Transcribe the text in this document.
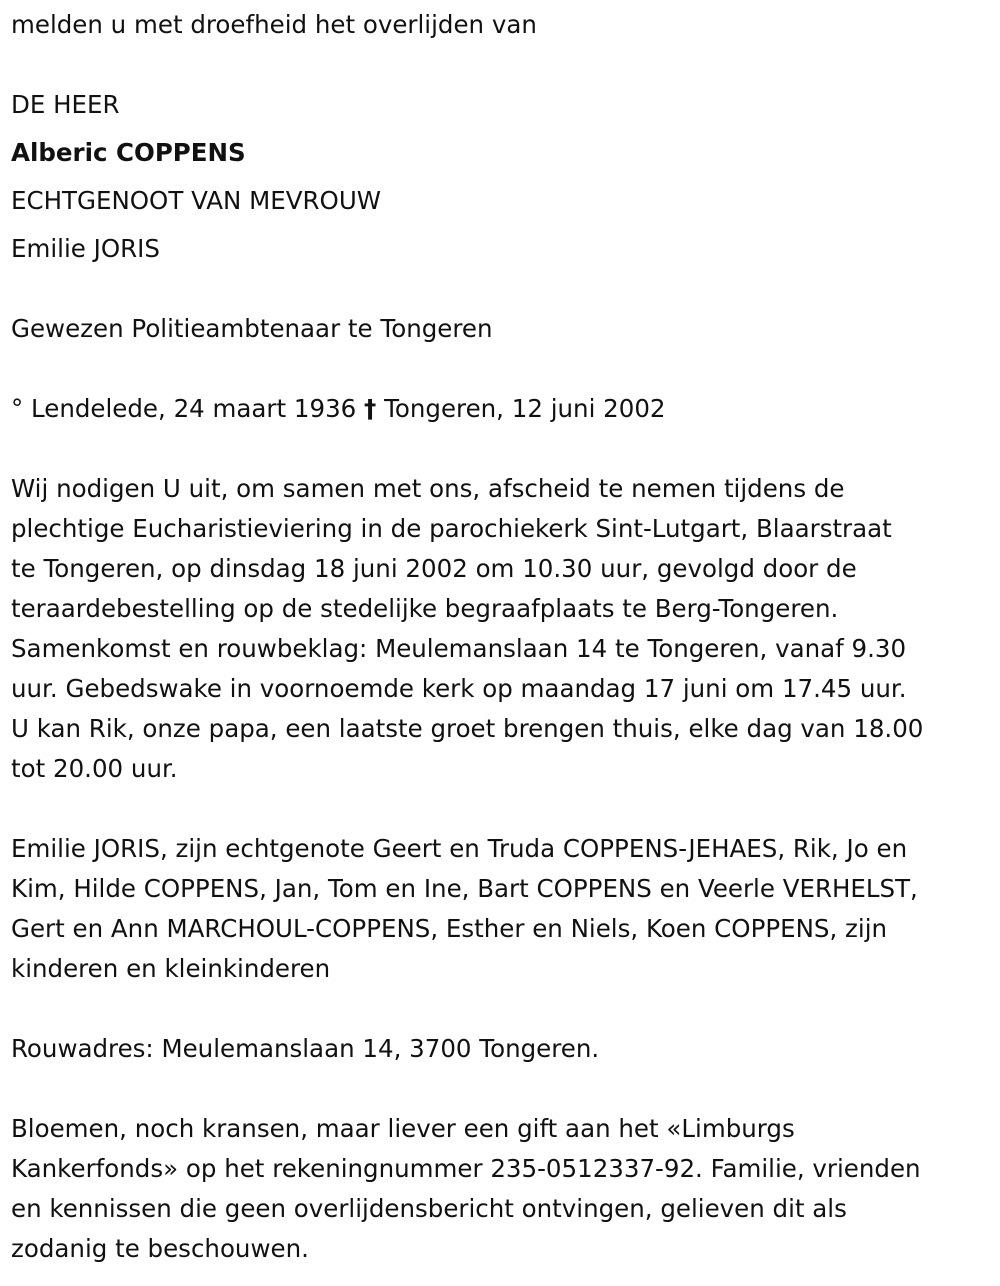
melden u met droefheid het overlijden van

DE HEER

Alberic COPPENS

ECHTGENOOT VAN MEVROUW

Emilie JORIS

Gewezen Politieambtenaar te Tongeren

° Lendelede, 24 maart 1936 † Tongeren, 12 juni 2002

Wij nodigen U uit, om samen met ons, afscheid te nemen tijdens de

plechtige Eucharistieviering in de parochiekerk Sint-Lutgart, Blaarstraat

te Tongeren, op dinsdag 18 juni 2002 om 10.30 uur, gevolgd door de

teraardebestelling op de stedelijke begraafplaats te Berg-Tongeren.

Samenkomst en rouwbeklag: Meulemanslaan 14 te Tongeren, vanaf 9.30

uur. Gebedswake in voornoemde kerk op maandag 17 juni om 17.45 uur.

U kan Rik, onze papa, een laatste groet brengen thuis, elke dag van 18.00

tot 20.00 uur.

Emilie JORIS, zijn echtgenote Geert en Truda COPPENS-JEHAES, Rik, Jo en

Kim, Hilde COPPENS, Jan, Tom en Ine, Bart COPPENS en Veerle VERHELST,

Gert en Ann MARCHOUL-COPPENS, Esther en Niels, Koen COPPENS, zijn

kinderen en kleinkinderen

Rouwadres: Meulemanslaan 14, 3700 Tongeren.

Bloemen, noch kransen, maar liever een gift aan het «Limburgs

Kankerfonds» op het rekeningnummer 235-0512337-92. Familie, vrienden

en kennissen die geen overlijdensbericht ontvingen, gelieven dit als

zodanig te beschouwen.
